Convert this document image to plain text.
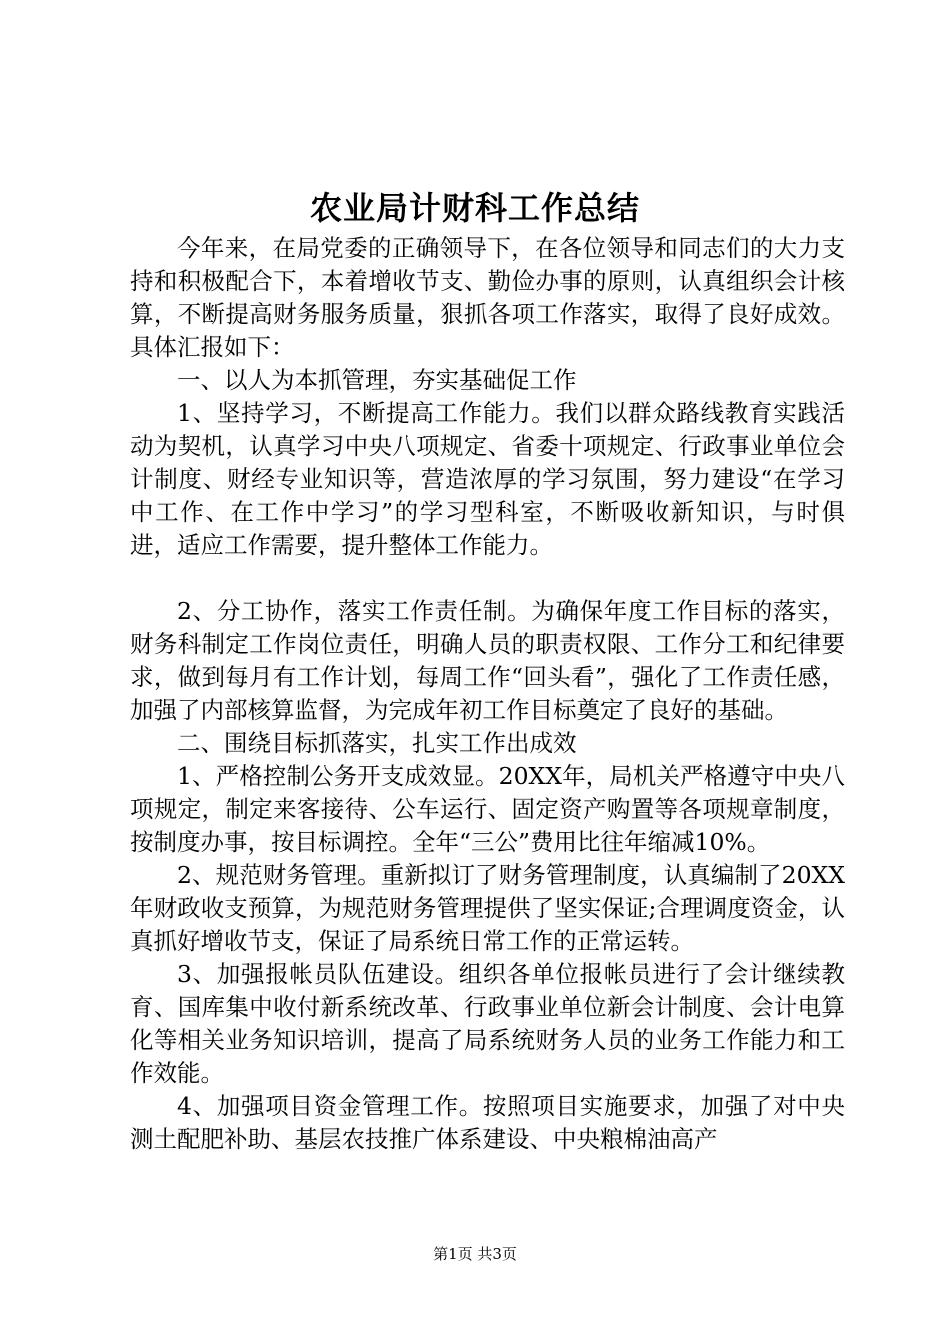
农业局计财科工作总结

今年来，在局党委的正确领导下，在各位领导和同志们的大力支持和积极配合下，本着增收节支、勤俭办事的原则，认真组织会计核算，不断提高财务服务质量，狠抓各项工作落实，取得了良好成效。具体汇报如下：

一、以人为本抓管理，夯实基础促工作

1、坚持学习，不断提高工作能力。我们以群众路线教育实践活动为契机，认真学习中央八项规定、省委十项规定、行政事业单位会计制度、财经专业知识等，营造浓厚的学习氛围，努力建设“在学习中工作、在工作中学习”的学习型科室，不断吸收新知识，与时俱进，适应工作需要，提升整体工作能力。

2、分工协作，落实工作责任制。为确保年度工作目标的落实，财务科制定工作岗位责任，明确人员的职责权限、工作分工和纪律要求，做到每月有工作计划，每周工作“回头看”，强化了工作责任感，加强了内部核算监督，为完成年初工作目标奠定了良好的基础。

二、围绕目标抓落实，扎实工作出成效

1、严格控制公务开支成效显。20XX年，局机关严格遵守中央八项规定，制定来客接待、公车运行、固定资产购置等各项规章制度，按制度办事，按目标调控。全年“三公”费用比往年缩减10%。

2、规范财务管理。重新拟订了财务管理制度，认真编制了20XX年财政收支预算，为规范财务管理提供了坚实保证;合理调度资金，认真抓好增收节支，保证了局系统日常工作的正常运转。

3、加强报帐员队伍建设。组织各单位报帐员进行了会计继续教育、国库集中收付新系统改革、行政事业单位新会计制度、会计电算化等相关业务知识培训，提高了局系统财务人员的业务工作能力和工作效能。

4、加强项目资金管理工作。按照项目实施要求，加强了对中央测土配肥补助、基层农技推广体系建设、中央粮棉油高产

第1页 共3页
